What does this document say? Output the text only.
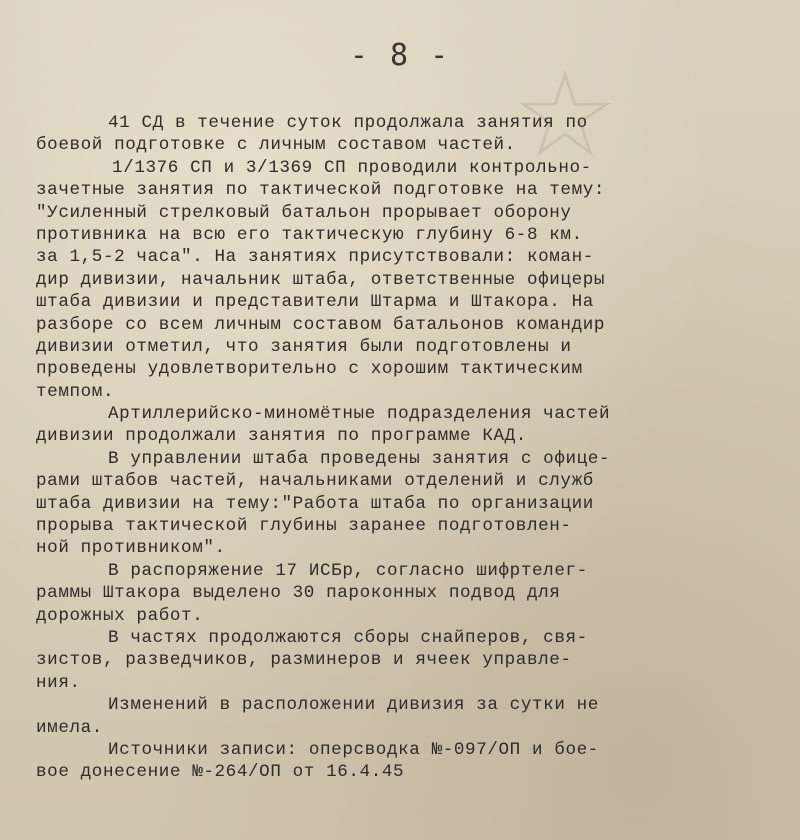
- 8 -
41 СД в течение суток продолжала занятия по
боевой подготовке с личным составом частей.
1/1376 СП и 3/1369 СП проводили контрольно-
зачетные занятия по тактической подготовке на тему:
"Усиленный стрелковый батальон прорывает оборону
противника на всю его тактическую глубину 6-8 км.
за 1,5-2 часа". На занятиях присутствовали: коман-
дир дивизии, начальник штаба, ответственные офицеры
штаба дивизии и представители Штарма и Штакора. На
разборе со всем личным составом батальонов командир
дивизии отметил, что занятия были подготовлены и
проведены удовлетворительно с хорошим тактическим
темпом.
Артиллерийско-миномётные подразделения частей
дивизии продолжали занятия по программе КАД.
В управлении штаба проведены занятия с офице-
рами штабов частей, начальниками отделений и служб
штаба дивизии на тему:"Работа штаба по организации
прорыва тактической глубины заранее подготовлен-
ной противником".
В распоряжение 17 ИСБр, согласно шифртелег-
раммы Штакора выделено 30 пароконных подвод для
дорожных работ.
В частях продолжаются сборы снайперов, свя-
зистов, разведчиков, разминеров и ячеек управле-
ния.
Изменений в расположении дивизия за сутки не
имела.
Источники записи: оперсводка №-097/ОП и бое-
вое донесение №-264/ОП от 16.4.45
